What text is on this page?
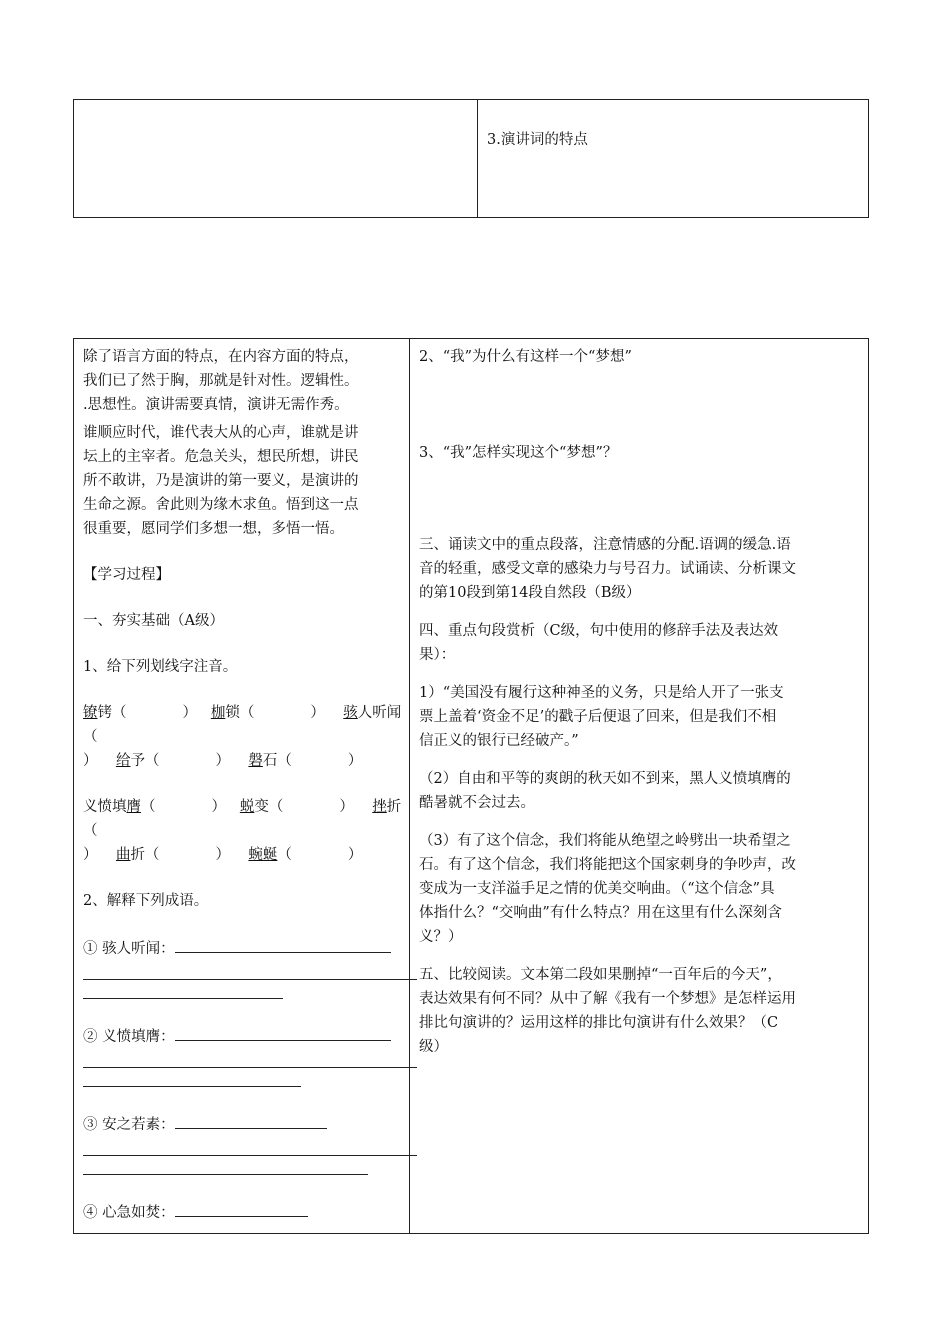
3.演讲词的特点

除了语言方面的特点，在内容方面的特点，
我们已了然于胸，那就是针对性。逻辑性。
.思想性。演讲需要真情，演讲无需作秀。

谁顺应时代，谁代表大从的心声，谁就是讲
坛上的主宰者。危急关头，想民所想，讲民
所不敢讲，乃是演讲的第一要义，是演讲的
生命之源。舍此则为缘木求鱼。悟到这一点
很重要，愿同学们多想一想，多悟一悟。

【学习过程】

一、夯实基础（A级）

1、给下列划线字注音。

镣铐（	） 枷锁（	） 骇人听闻（
） 给予（	） 磐石（	）

义愤填膺（	） 蜕变（	） 挫折（
） 曲折（	） 蜿蜒（	）

2、解释下列成语。

① 骇人听闻：

② 义愤填膺：

③ 安之若素：

④ 心急如焚：

2、“我”为什么有这样一个“梦想”

3、“我”怎样实现这个“梦想”？

三、诵读文中的重点段落，注意情感的分配.语调的缓急.语
音的轻重，感受文章的感染力与号召力。试诵读、分析课文
的第10段到第14段自然段（B级）

四、重点句段赏析（C级，句中使用的修辞手法及表达效
果）：

1）“美国没有履行这种神圣的义务，只是给人开了一张支
票上盖着‘资金不足’的戳子后便退了回来，但是我们不相
信正义的银行已经破产。”

（2）自由和平等的爽朗的秋天如不到来，黑人义愤填膺的
酷暑就不会过去。

（3）有了这个信念，我们将能从绝望之岭劈出一块希望之
石。有了这个信念，我们将能把这个国家刺身的争吵声，改
变成为一支洋溢手足之情的优美交响曲。（“这个信念”具
体指什么？“交响曲”有什么特点？用在这里有什么深刻含
义？）

五、比较阅读。文本第二段如果删掉“一百年后的今天”，
表达效果有何不同？从中了解《我有一个梦想》是怎样运用
排比句演讲的？运用这样的排比句演讲有什么效果？（C
级）
